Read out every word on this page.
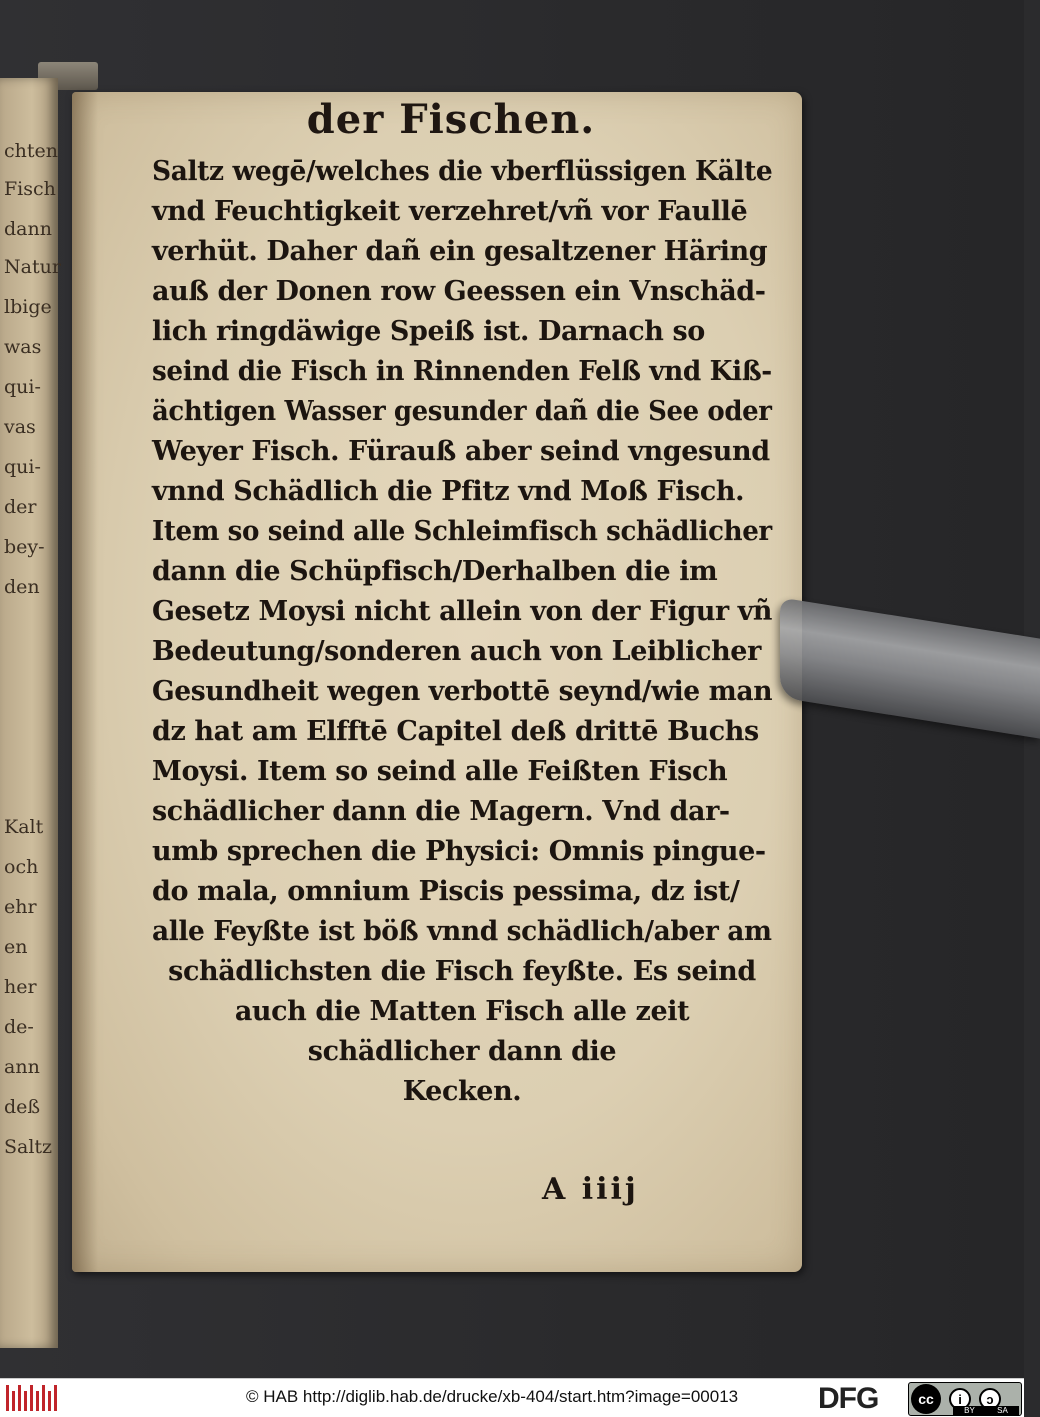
chten
Fisch
dann
Natur
lbige
was
qui-
vas
qui-
der
bey-
den
Kalt
och
ehr
en
her
de-
ann
deß
Saltz
der Fischen.
Saltz wegē/welches die vberflüssigen Kälte
vnd Feuchtigkeit verzehret/vñ vor Faullē
verhüt. Daher dañ ein gesaltzener Häring
auß der Donen row Geessen ein Vnschäd-
lich ringdäwige Speiß ist. Darnach so
seind die Fisch in Rinnenden Felß vnd Kiß-
ächtigen Wasser gesunder dañ die See oder
Weyer Fisch. Fürauß aber seind vngesund
vnnd Schädlich die Pfitz vnd Moß Fisch.
Item so seind alle Schleimfisch schädlicher
dann die Schüpfisch/Derhalben die im
Gesetz Moysi nicht allein von der Figur vñ
Bedeutung/sonderen auch von Leiblicher
Gesundheit wegen verbottē seynd/wie man
dz hat am Elfftē Capitel deß drittē Buchs
Moysi. Item so seind alle Feißten Fisch
schädlicher dann die Magern. Vnd dar-
umb sprechen die Physici: Omnis pingue-
do mala, omnium Piscis pessima, dz ist/
alle Feyßte ist böß vnnd schädlich/aber am
schädlichsten die Fisch feyßte. Es seind
auch die Matten Fisch alle zeit
schädlicher dann die
Kecken.
A iiij
© HAB http://diglib.hab.de/drucke/xb-404/start.htm?image=00013	DFG	cc	i	ↄ
BY	SA
